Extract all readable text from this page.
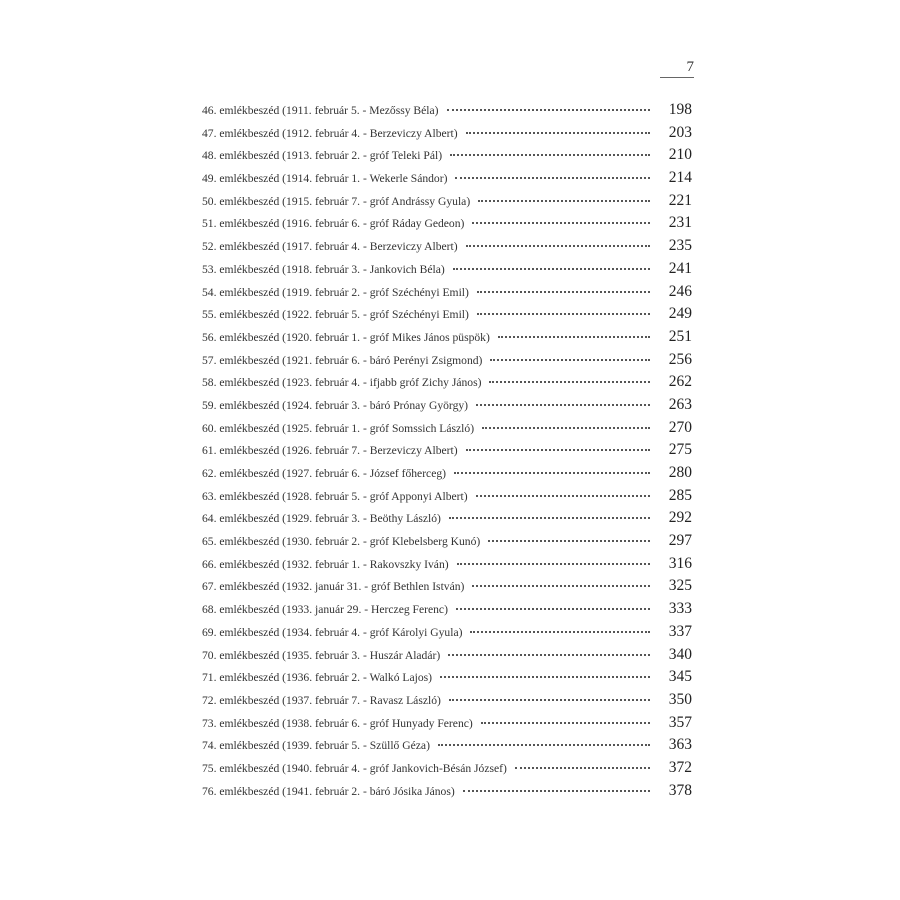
7
46. emlékbeszéd (1911. február 5. - Mezőssy Béla)	198
47. emlékbeszéd (1912. február 4. - Berzeviczy Albert)	203
48. emlékbeszéd (1913. február 2. - gróf Teleki Pál)	210
49. emlékbeszéd (1914. február 1. - Wekerle Sándor)	214
50. emlékbeszéd (1915. február 7. - gróf Andrássy Gyula)	221
51. emlékbeszéd (1916. február 6. - gróf Ráday Gedeon)	231
52. emlékbeszéd (1917. február 4. - Berzeviczy Albert)	235
53. emlékbeszéd (1918. február 3. - Jankovich Béla)	241
54. emlékbeszéd (1919. február 2. - gróf Széchényi Emil)	246
55. emlékbeszéd (1922. február 5. - gróf Széchényi Emil)	249
56. emlékbeszéd (1920. február 1. - gróf Mikes János püspök)	251
57. emlékbeszéd (1921. február 6. - báró Perényi Zsigmond)	256
58. emlékbeszéd (1923. február 4. - ifjabb gróf Zichy János)	262
59. emlékbeszéd (1924. február 3. - báró Prónay György)	263
60. emlékbeszéd (1925. február 1. - gróf Somssich László)	270
61. emlékbeszéd (1926. február 7. - Berzeviczy Albert)	275
62. emlékbeszéd (1927. február 6. - József főherceg)	280
63. emlékbeszéd (1928. február 5. - gróf Apponyi Albert)	285
64. emlékbeszéd (1929. február 3. - Beöthy László)	292
65. emlékbeszéd (1930. február 2. - gróf Klebelsberg Kunó)	297
66. emlékbeszéd (1932. február 1. - Rakovszky Iván)	316
67. emlékbeszéd (1932. január 31. - gróf Bethlen István)	325
68. emlékbeszéd (1933. január 29. - Herczeg Ferenc)	333
69. emlékbeszéd (1934. február 4. - gróf Károlyi Gyula)	337
70. emlékbeszéd (1935. február 3. - Huszár Aladár)	340
71. emlékbeszéd (1936. február 2. - Walkó Lajos)	345
72. emlékbeszéd (1937. február 7. - Ravasz László)	350
73. emlékbeszéd (1938. február 6. - gróf Hunyady Ferenc)	357
74. emlékbeszéd (1939. február 5. - Szüllő Géza)	363
75. emlékbeszéd (1940. február 4. - gróf Jankovich-Bésán József)	372
76. emlékbeszéd (1941. február 2. - báró Jósika János)	378
